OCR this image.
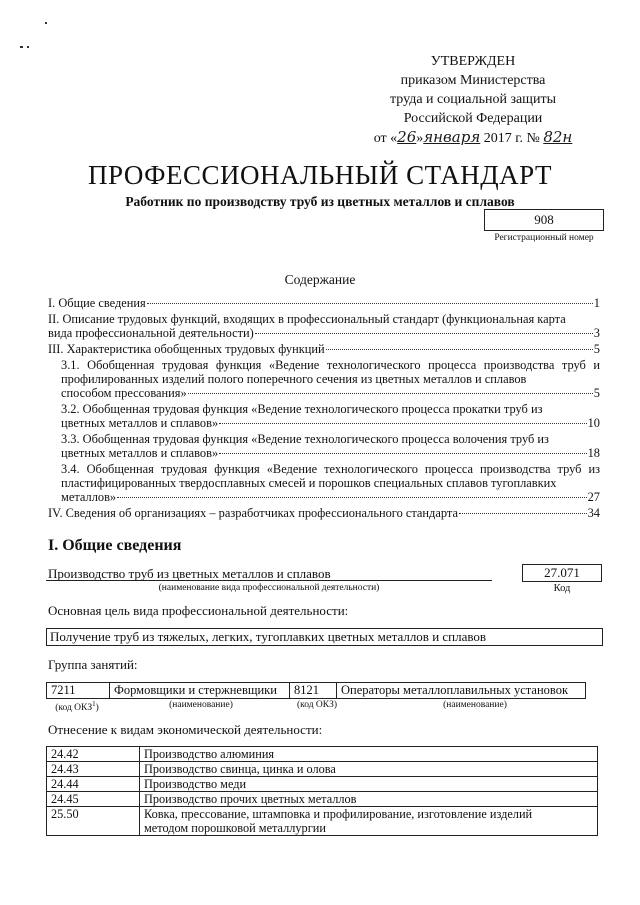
УТВЕРЖДЕН
приказом Министерства
труда и социальной защиты
Российской Федерации
от «26»января 2017 г. № 82н
ПРОФЕССИОНАЛЬНЫЙ СТАНДАРТ
Работник по производству труб из цветных металлов и сплавов
908
Регистрационный номер
Содержание
I. Общие сведения	1
II. Описание трудовых функций, входящих в профессиональный стандарт (функциональная карта
вида профессиональной деятельности)	3
III. Характеристика обобщенных трудовых функций	5
3.1. Обобщенная трудовая функция «Ведение технологического процесса производства труб и профилированных изделий полого поперечного сечения из цветных металлов и сплавов
способом прессования»	5
3.2. Обобщенная трудовая функция «Ведение технологического процесса прокатки труб из
цветных металлов и сплавов»	10
3.3. Обобщенная трудовая функция «Ведение технологического процесса волочения труб из
цветных металлов и сплавов»	18
3.4. Обобщенная трудовая функция «Ведение технологического процесса производства труб из пластифицированных твердосплавных смесей и порошков специальных сплавов тугоплавких
металлов»	27
IV. Сведения об организациях – разработчиках профессионального стандарта	34
I. Общие сведения
Производство труб из цветных металлов и сплавов
(наименование вида профессиональной деятельности)
27.071
Код
Основная цель вида профессиональной деятельности:
Получение труб из тяжелых, легких, тугоплавких цветных металлов и сплавов
Группа занятий:
7211	Формовщики и стержневщики	8121	Операторы металлоплавильных установок
(код ОКЗ$^1$)	(наименование)	(код ОКЗ)	(наименование)
Отнесение к видам экономической деятельности:
24.42	Производство алюминия
24.43	Производство свинца, цинка и олова
24.44	Производство меди
24.45	Производство прочих цветных металлов
25.50	Ковка, прессование, штамповка и профилирование, изготовление изделий методом порошковой металлургии
